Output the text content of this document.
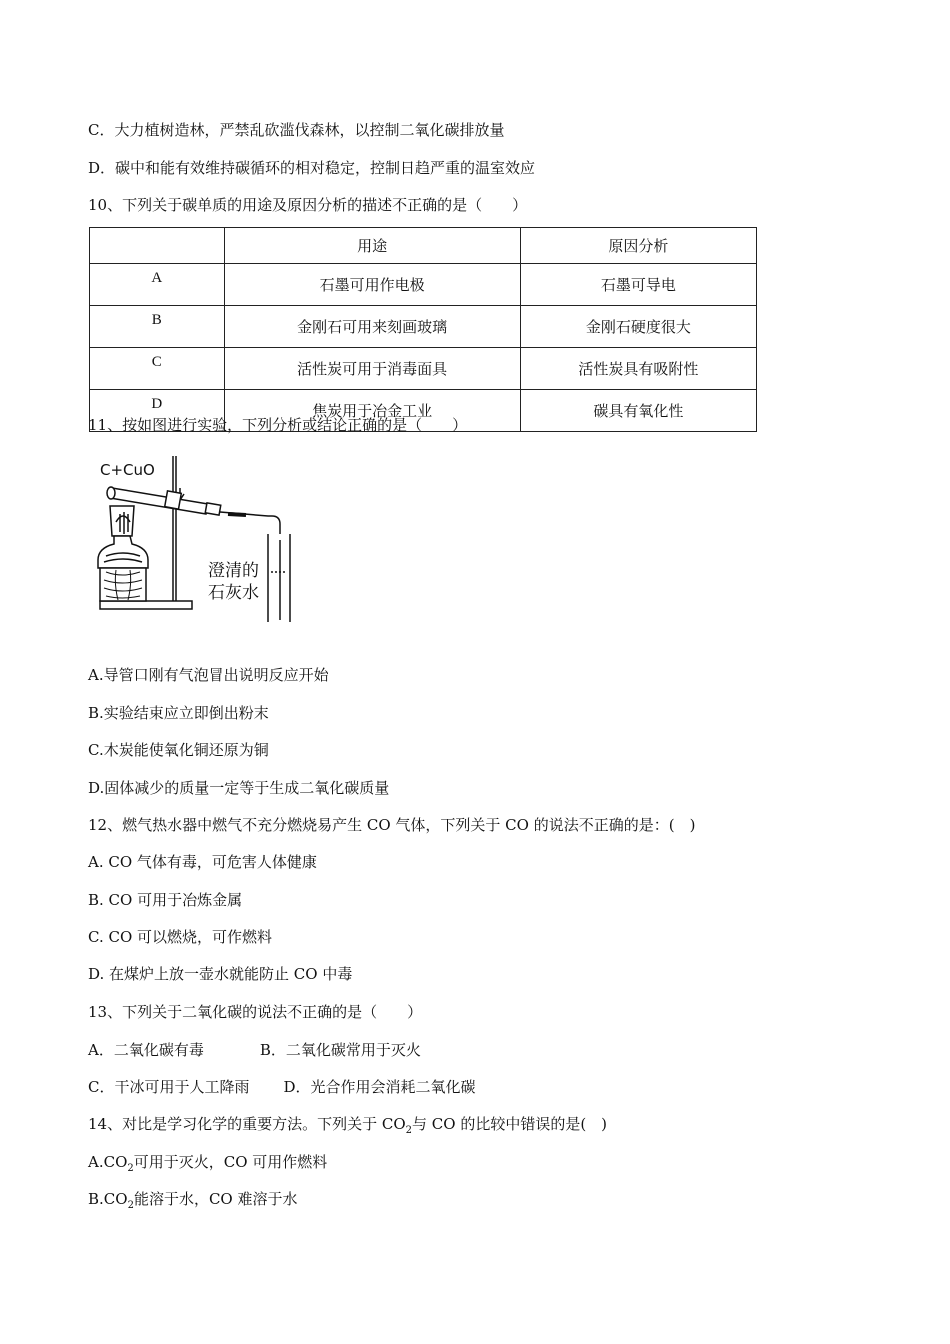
C．大力植树造林，严禁乱砍滥伐森林，以控制二氧化碳排放量
D．碳中和能有效维持碳循环的相对稳定，控制日趋严重的温室效应
10、下列关于碳单质的用途及原因分析的描述不正确的是（　　）
	用途	原因分析
A	石墨可用作电极	石墨可导电
B	金刚石可用来刻画玻璃	金刚石硬度很大
C	活性炭可用于消毒面具	活性炭具有吸附性
D	焦炭用于冶金工业	碳具有氧化性
11、按如图进行实验，下列分析或结论正确的是（　　）
C+CuO
澄清的
石灰水
A.导管口刚有气泡冒出说明反应开始
B.实验结束应立即倒出粉末
C.木炭能使氧化铜还原为铜
D.固体减少的质量一定等于生成二氧化碳质量
12、燃气热水器中燃气不充分燃烧易产生 CO 气体，下列关于 CO 的说法不正确的是：(　)
A. CO 气体有毒，可危害人体健康
B. CO 可用于冶炼金属
C. CO 可以燃烧，可作燃料
D. 在煤炉上放一壶水就能防止 CO 中毒
13、下列关于二氧化碳的说法不正确的是（　　）
A．二氧化碳有毒	B．二氧化碳常用于灭火
C．干冰可用于人工降雨 D．光合作用会消耗二氧化碳
14、对比是学习化学的重要方法。下列关于 $CO_2$与 CO 的比较中错误的是(　)
$A.CO_2$可用于灭火，CO 可用作燃料
$B.CO_2$能溶于水，CO 难溶于水
